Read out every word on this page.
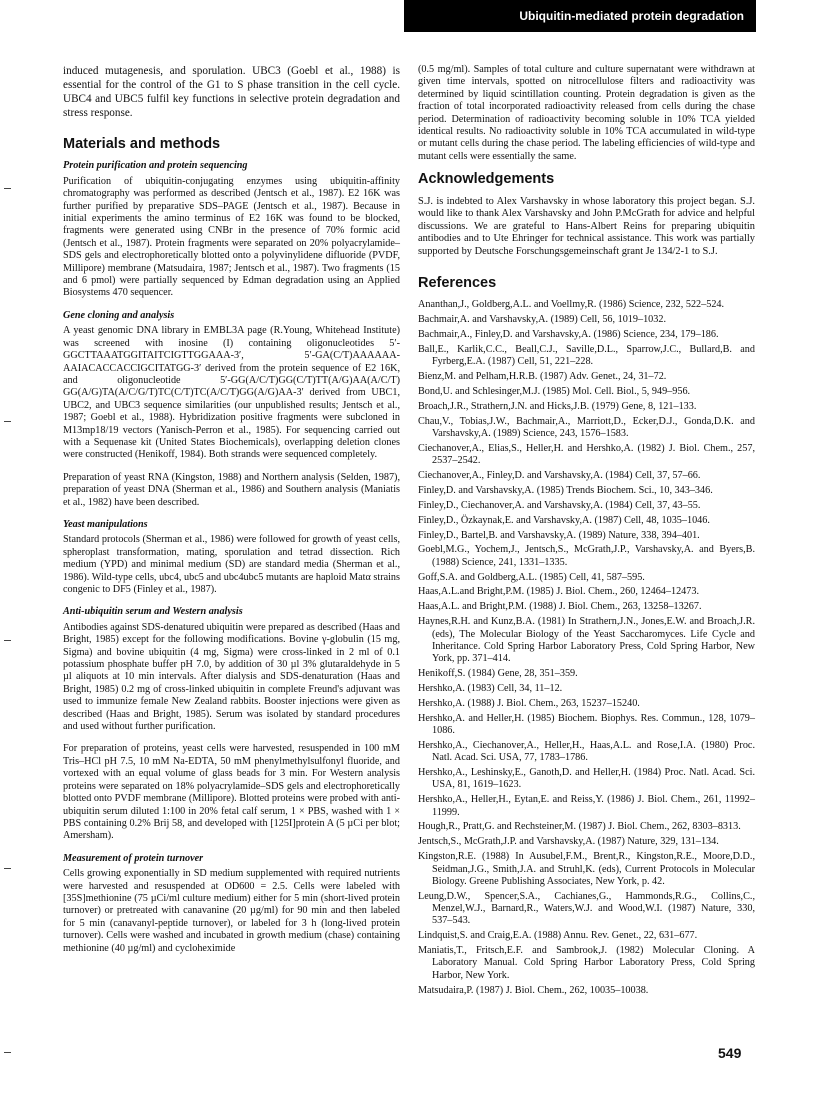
Ubiquitin-mediated protein degradation

induced mutagenesis, and sporulation. UBC3 (Goebl et al., 1988) is essential for the control of the G1 to S phase transition in the cell cycle. UBC4 and UBC5 fulfil key functions in selective protein degradation and stress response.

Materials and methods
Protein purification and protein sequencing

Purification of ubiquitin-conjugating enzymes using ubiquitin-affinity chromatography was performed as described (Jentsch et al., 1987). E2 16K was further purified by preparative SDS–PAGE (Jentsch et al., 1987). Because in initial experiments the amino terminus of E2 16K was found to be blocked, fragments were generated using CNBr in the presence of 70% formic acid (Jentsch et al., 1987). Protein fragments were separated on 20% polyacrylamide–SDS gels and electrophoretically blotted onto a polyvinylidene difluoride (PVDF, Millipore) membrane (Matsudaira, 1987; Jentsch et al., 1987). Two fragments (15 and 6 pmol) were partially sequenced by Edman degradation using an Applied Biosystems 470 sequencer.

Gene cloning and analysis

A yeast genomic DNA library in EMBL3A page (R.Young, Whitehead Institute) was screened with inosine (I) containing oligonucleotides 5′-GGCTTAAATGGITAITCIGTTGGAAA-3′, 5′-GA(C/T)AAAAAA-AAIACACCACCIGCITATGG-3′ derived from the protein sequence of E2 16K, and oligonucleotide 5′-GG(A/C/T)GG(C/T)TT(A/G)AA(A/C/T) GG(A/G)TA(A/C/G/T)TC(C/T)TC(A/C/T)GG(A/G)AA-3′ derived from UBC1, UBC2, and UBC3 sequence similarities (our unpublished results; Jentsch et al., 1987; Goebl et al., 1988). Hybridization positive fragments were subcloned in M13mp18/19 vectors (Yanisch-Perron et al., 1985). For sequencing carried out with a Sequenase kit (United States Biochemicals), overlapping deletion clones were constructed (Henikoff, 1984). Both strands were sequenced completely.

Preparation of yeast RNA (Kingston, 1988) and Northern analysis (Selden, 1987), preparation of yeast DNA (Sherman et al., 1986) and Southern analysis (Maniatis et al., 1982) have been described.

Yeast manipulations

Standard protocols (Sherman et al., 1986) were followed for growth of yeast cells, spheroplast transformation, mating, sporulation and tetrad dissection. Rich medium (YPD) and minimal medium (SD) are standard media (Sherman et al., 1986). Wild-type cells, ubc4, ubc5 and ubc4ubc5 mutants are haploid Matα strains congenic to DF5 (Finley et al., 1987).

Anti-ubiquitin serum and Western analysis

Antibodies against SDS-denatured ubiquitin were prepared as described (Haas and Bright, 1985) except for the following modifications. Bovine γ-globulin (15 mg, Sigma) and bovine ubiquitin (4 mg, Sigma) were cross-linked in 2 ml of 0.1 potassium phosphate buffer pH 7.0, by addition of 30 µl 3% glutaraldehyde in 5 µl aliquots at 10 min intervals. After dialysis and SDS-denaturation (Haas and Bright, 1985) 0.2 mg of cross-linked ubiquitin in complete Freund's adjuvant was used to immunize female New Zealand rabbits. Booster injections were given as described (Haas and Bright, 1985). Serum was isolated by standard procedures and used without further purification.

For preparation of proteins, yeast cells were harvested, resuspended in 100 mM Tris–HCl pH 7.5, 10 mM Na-EDTA, 50 mM phenylmethylsulfonyl fluoride, and vortexed with an equal volume of glass beads for 3 min. For Western analysis proteins were separated on 18% polyacrylamide–SDS gels and electrophoretically blotted onto PVDF membrane (Millipore). Blotted proteins were probed with anti-ubiquitin serum diluted 1:100 in 20% fetal calf serum, 1 × PBS, washed with 1 × PBS containing 0.2% Brij 58, and developed with [125I]protein A (5 µCi per blot; Amersham).

Measurement of protein turnover

Cells growing exponentially in SD medium supplemented with required nutrients were harvested and resuspended at OD600 = 2.5. Cells were labeled with [35S]methionine (75 µCi/ml culture medium) either for 5 min (short-lived protein turnover) or pretreated with canavanine (20 µg/ml) for 90 min and then labeled for 5 min (canavanyl-peptide turnover), or labeled for 3 h (long-lived protein turnover). Cells were washed and incubated in growth medium (chase) containing methionine (40 µg/ml) and cycloheximide

(0.5 mg/ml). Samples of total culture and culture supernatant were withdrawn at given time intervals, spotted on nitrocellulose filters and radioactivity was determined by liquid scintillation counting. Protein degradation is given as the fraction of total incorporated radioactivity released from cells during the chase period. Determination of radioactivity becoming soluble in 10% TCA yielded identical results. No radioactivity soluble in 10% TCA accumulated in wild-type or mutant cells during the chase period. The labeling efficiencies of wild-type and mutant cells were essentially the same.

Acknowledgements

S.J. is indebted to Alex Varshavsky in whose laboratory this project began. S.J. would like to thank Alex Varshavsky and John P.McGrath for advice and helpful discussions. We are grateful to Hans-Albert Reins for preparing ubiquitin antibodies and to Ute Ehringer for technical assistance. This work was partially supported by Deutsche Forschungsgemeinschaft grant Je 134/2-1 to S.J.

References
Ananthan,J., Goldberg,A.L. and Voellmy,R. (1986) Science, 232, 522–524.
Bachmair,A. and Varshavsky,A. (1989) Cell, 56, 1019–1032.
Bachmair,A., Finley,D. and Varshavsky,A. (1986) Science, 234, 179–186.
Ball,E., Karlik,C.C., Beall,C.J., Saville,D.L., Sparrow,J.C., Bullard,B. and Fyrberg,E.A. (1987) Cell, 51, 221–228.
Bienz,M. and Pelham,H.R.B. (1987) Adv. Genet., 24, 31–72.
Bond,U. and Schlesinger,M.J. (1985) Mol. Cell. Biol., 5, 949–956.
Broach,J.R., Strathern,J.N. and Hicks,J.B. (1979) Gene, 8, 121–133.
Chau,V., Tobias,J.W., Bachmair,A., Marriott,D., Ecker,D.J., Gonda,D.K. and Varshavsky,A. (1989) Science, 243, 1576–1583.
Ciechanover,A., Elias,S., Heller,H. and Hershko,A. (1982) J. Biol. Chem., 257, 2537–2542.
Ciechanover,A., Finley,D. and Varshavsky,A. (1984) Cell, 37, 57–66.
Finley,D. and Varshavsky,A. (1985) Trends Biochem. Sci., 10, 343–346.
Finley,D., Ciechanover,A. and Varshavsky,A. (1984) Cell, 37, 43–55.
Finley,D., Özkaynak,E. and Varshavsky,A. (1987) Cell, 48, 1035–1046.
Finley,D., Bartel,B. and Varshavsky,A. (1989) Nature, 338, 394–401.
Goebl,M.G., Yochem,J., Jentsch,S., McGrath,J.P., Varshavsky,A. and Byers,B. (1988) Science, 241, 1331–1335.
Goff,S.A. and Goldberg,A.L. (1985) Cell, 41, 587–595.
Haas,A.L.and Bright,P.M. (1985) J. Biol. Chem., 260, 12464–12473.
Haas,A.L. and Bright,P.M. (1988) J. Biol. Chem., 263, 13258–13267.
Haynes,R.H. and Kunz,B.A. (1981) In Strathern,J.N., Jones,E.W. and Broach,J.R. (eds), The Molecular Biology of the Yeast Saccharomyces. Life Cycle and Inheritance. Cold Spring Harbor Laboratory Press, Cold Spring Harbor, New York, pp. 371–414.
Henikoff,S. (1984) Gene, 28, 351–359.
Hershko,A. (1983) Cell, 34, 11–12.
Hershko,A. (1988) J. Biol. Chem., 263, 15237–15240.
Hershko,A. and Heller,H. (1985) Biochem. Biophys. Res. Commun., 128, 1079–1086.
Hershko,A., Ciechanover,A., Heller,H., Haas,A.L. and Rose,I.A. (1980) Proc. Natl. Acad. Sci. USA, 77, 1783–1786.
Hershko,A., Leshinsky,E., Ganoth,D. and Heller,H. (1984) Proc. Natl. Acad. Sci. USA, 81, 1619–1623.
Hershko,A., Heller,H., Eytan,E. and Reiss,Y. (1986) J. Biol. Chem., 261, 11992–11999.
Hough,R., Pratt,G. and Rechsteiner,M. (1987) J. Biol. Chem., 262, 8303–8313.
Jentsch,S., McGrath,J.P. and Varshavsky,A. (1987) Nature, 329, 131–134.
Kingston,R.E. (1988) In Ausubel,F.M., Brent,R., Kingston,R.E., Moore,D.D., Seidman,J.G., Smith,J.A. and Struhl,K. (eds), Current Protocols in Molecular Biology. Greene Publishing Associates, New York, p. 42.
Leung,D.W., Spencer,S.A., Cachianes,G., Hammonds,R.G., Collins,C., Menzel,W.J., Barnard,R., Waters,W.J. and Wood,W.I. (1987) Nature, 330, 537–543.
Lindquist,S. and Craig,E.A. (1988) Annu. Rev. Genet., 22, 631–677.
Maniatis,T., Fritsch,E.F. and Sambrook,J. (1982) Molecular Cloning. A Laboratory Manual. Cold Spring Harbor Laboratory Press, Cold Spring Harbor, New York.
Matsudaira,P. (1987) J. Biol. Chem., 262, 10035–10038.
549
